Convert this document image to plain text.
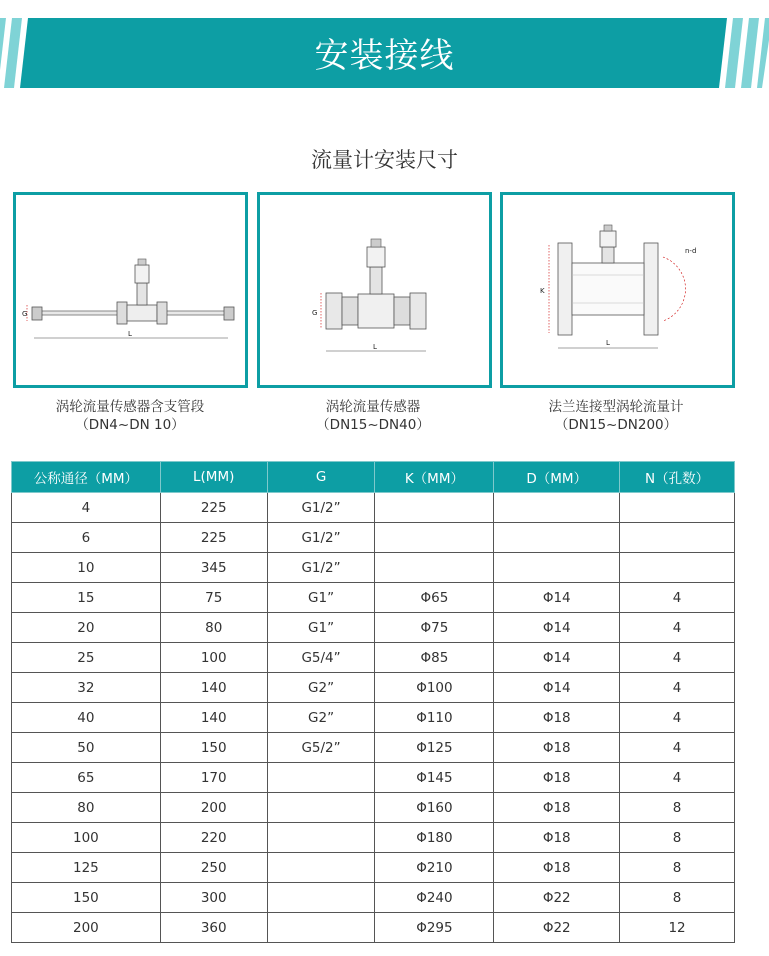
安装接线
流量计安装尺寸
G
L
G
L
K
L
n-d
涡轮流量传感器含支管段
（DN4~DN 10）
涡轮流量传感器
（DN15~DN40）
法兰连接型涡轮流量计
（DN15~DN200）
公称通径（MM）	L(MM)	G	K（MM）	D（MM）	N（孔数）
4	225	G1/2”			
6	225	G1/2”			
10	345	G1/2”			
15	75	G1”	Φ65	Φ14	4
20	80	G1”	Φ75	Φ14	4
25	100	G5/4”	Φ85	Φ14	4
32	140	G2”	Φ100	Φ14	4
40	140	G2”	Φ110	Φ18	4
50	150	G5/2”	Φ125	Φ18	4
65	170		Φ145	Φ18	4
80	200		Φ160	Φ18	8
100	220		Φ180	Φ18	8
125	250		Φ210	Φ18	8
150	300		Φ240	Φ22	8
200	360		Φ295	Φ22	12
